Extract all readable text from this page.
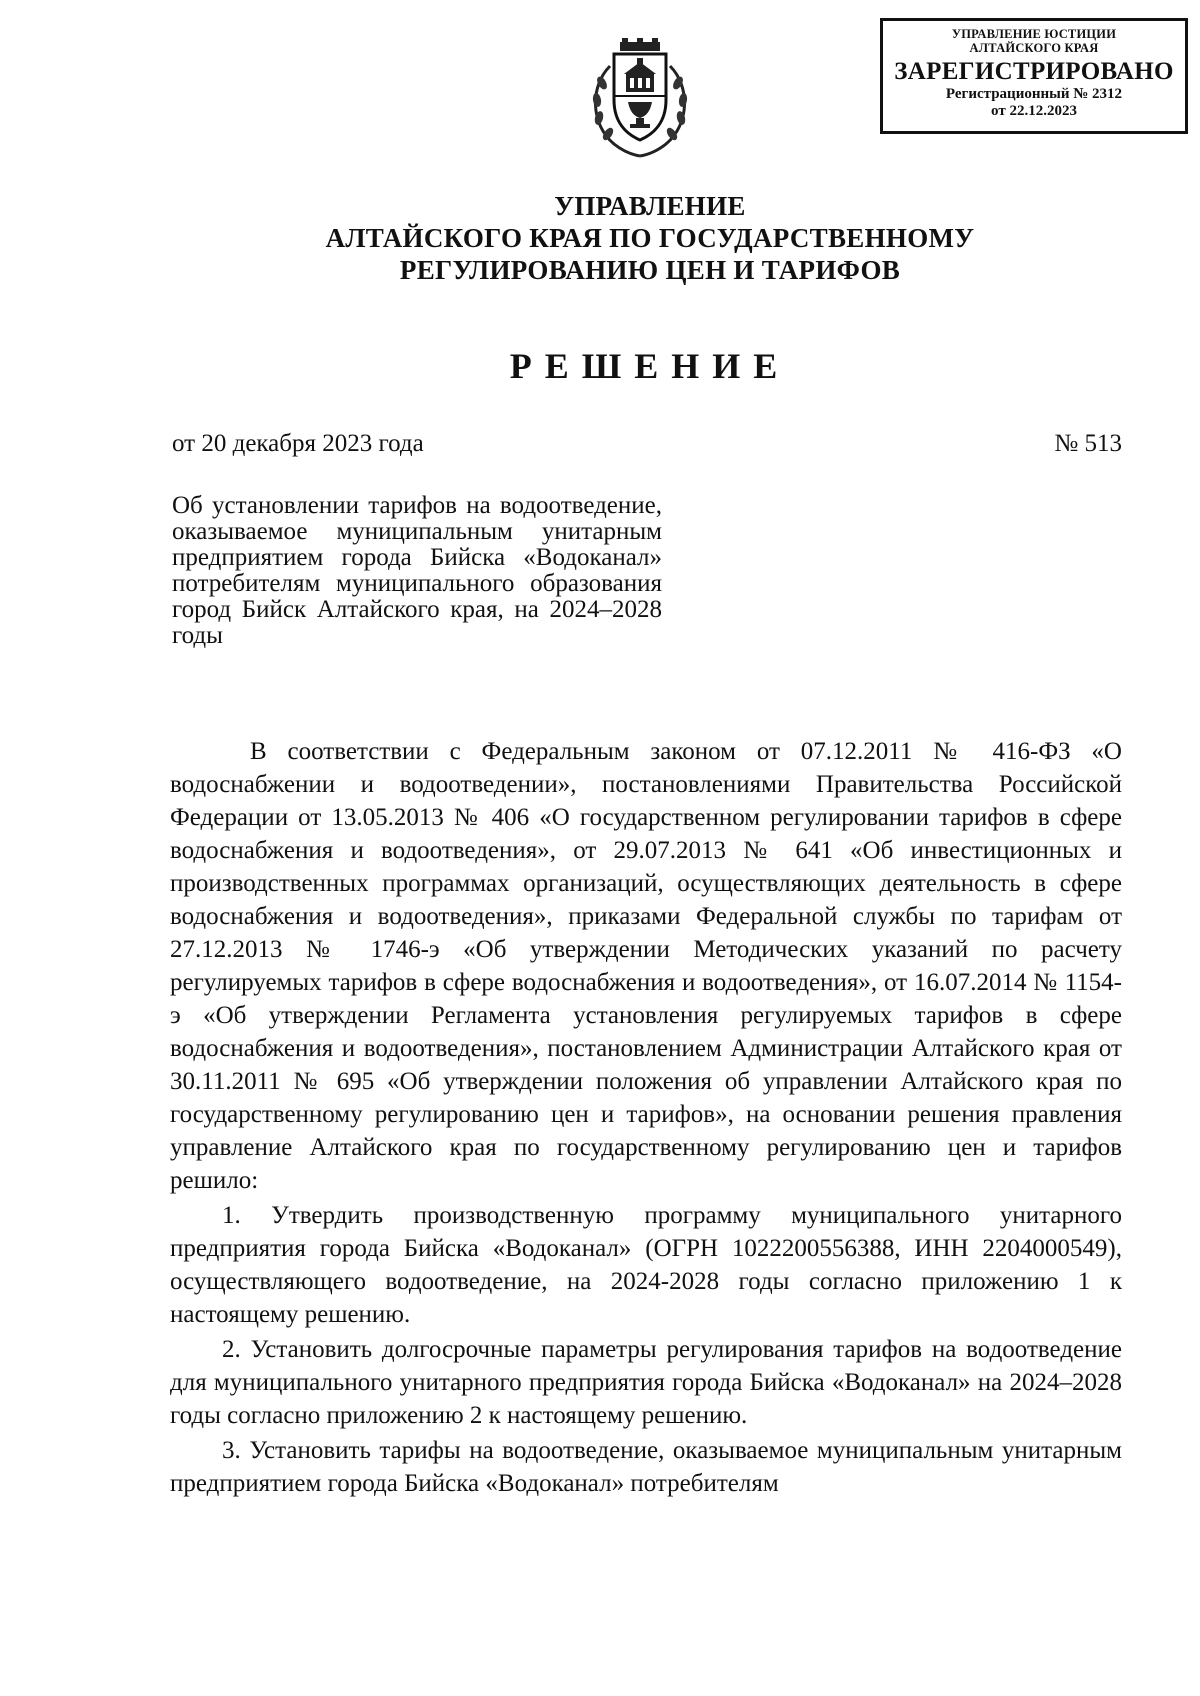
УПРАВЛЕНИЕ ЮСТИЦИИ
АЛТАЙСКОГО КРАЯ
ЗАРЕГИСТРИРОВАНО
Регистрационный № 2312
от 22.12.2023
УПРАВЛЕНИЕ
АЛТАЙСКОГО КРАЯ ПО ГОСУДАРСТВЕННОМУ
РЕГУЛИРОВАНИЮ ЦЕН И ТАРИФОВ
РЕШЕНИЕ
от 20 декабря 2023 года	№ 513
Об установлении тарифов на водоотведение, оказываемое муниципальным унитарным предприятием города Бийска «Водоканал» потребителям муниципального образования город Бийск Алтайского края, на 2024–2028 годы

В соответствии с Федеральным законом от 07.12.2011 № 416-ФЗ «О водоснабжении и водоотведении», постановлениями Правительства Российской Федерации от 13.05.2013 № 406 «О государственном регулировании тарифов в сфере водоснабжения и водоотведения», от 29.07.2013 № 641 «Об инвестиционных и производственных программах организаций, осуществляющих деятельность в сфере водоснабжения и водоотведения», приказами Федеральной службы по тарифам от 27.12.2013 № 1746-э «Об утверждении Методических указаний по расчету регулируемых тарифов в сфере водоснабжения и водоотведения», от 16.07.2014 № 1154-э «Об утверждении Регламента установления регулируемых тарифов в сфере водоснабжения и водоотведения», постановлением Администрации Алтайского края от 30.11.2011 № 695 «Об утверждении положения об управлении Алтайского края по государственному регулированию цен и тарифов», на основании решения правления управление Алтайского края по государственному регулированию цен и тарифов решило:

1. Утвердить производственную программу муниципального унитарного предприятия города Бийска «Водоканал» (ОГРН 1022200556388, ИНН 2204000549), осуществляющего водоотведение, на 2024-2028 годы согласно приложению 1 к настоящему решению.

2. Установить долгосрочные параметры регулирования тарифов на водоотведение для муниципального унитарного предприятия города Бийска «Водоканал» на 2024–2028 годы согласно приложению 2 к настоящему решению.

3. Установить тарифы на водоотведение, оказываемое муниципальным унитарным предприятием города Бийска «Водоканал» потребителям
